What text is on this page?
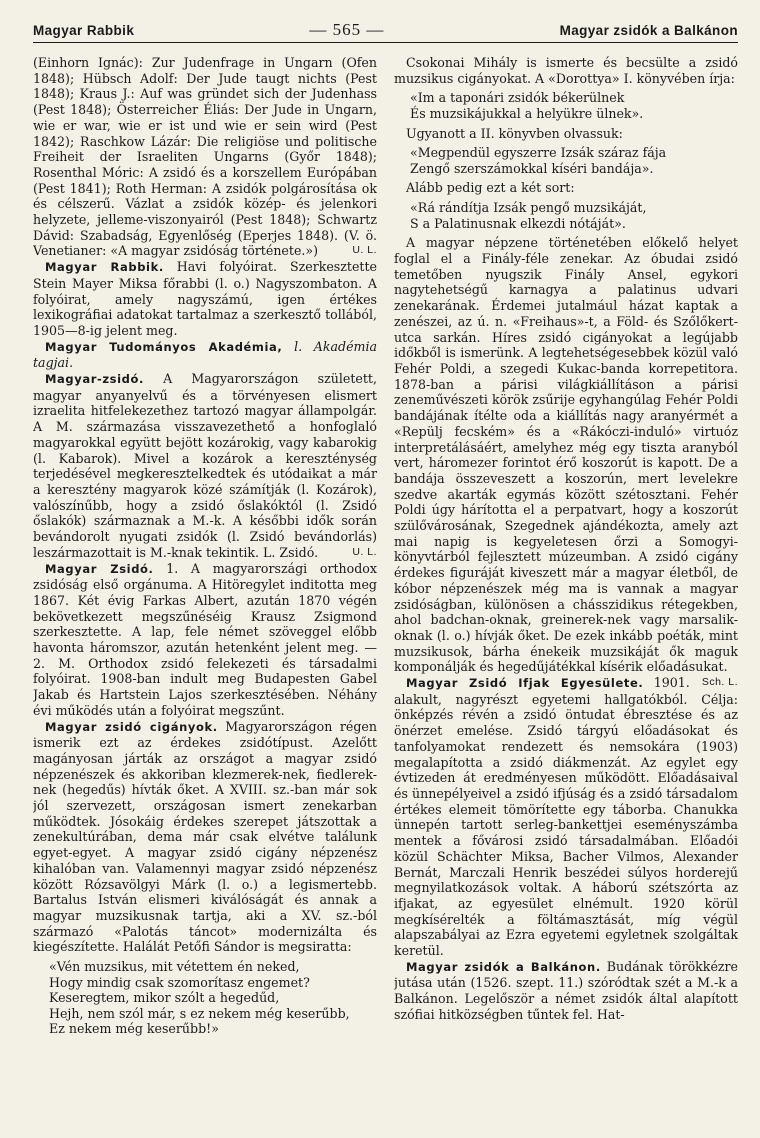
Magyar Rabbik	— 565 —	Magyar zsidók a Balkánon

(Einhorn Ignác): Zur Judenfrage in Ungarn (Ofen 1848); Hübsch Adolf: Der Jude taugt nichts (Pest 1848); Kraus J.: Auf was gründet sich der Judenhass (Pest 1848); Österreicher Éliás: Der Jude in Ungarn, wie er war, wie er ist und wie er sein wird (Pest 1842); Raschkow Lázár: Die religiöse und politische Freiheit der Israeliten Ungarns (Győr 1848); Rosenthal Móric: A zsidó és a korszellem Európában (Pest 1841); Roth Herman: A zsidók polgárosítása ok és célszerű. Vázlat a zsidók közép- és jelenkori helyzete, jelleme-viszonyairól (Pest 1848); Schwartz Dávid: Szabadság, Egyenlőség (Eperjes 1848). (V. ö. Venetianer: «A magyar zsidóság története.»)	U. L.

Magyar Rabbik. Havi folyóirat. Szerkesztette Stein Mayer Miksa főrabbi (l. o.) Nagyszombaton. A folyóirat, amely nagyszámú, igen értékes lexikográfiai adatokat tartalmaz a szerkesztő tollából, 1905—8-ig jelent meg.

Magyar Tudományos Akadémia, l. Akadémia tagjai.

Magyar-zsidó. A Magyarországon született, magyar anyanyelvű és a törvényesen elismert izraelita hitfelekezethez tartozó magyar állampolgár. A M. származása visszavezethető a honfoglaló magyarokkal együtt bejött kozárokig, vagy kabarokig (l. Kabarok). Mivel a kozárok a kereszténység terjedésével megkeresztelkedtek és utódaikat a már a keresztény magyarok közé számítják (l. Kozárok), valószínűbb, hogy a zsidó őslakóktól (l. Zsidó őslakók) származnak a M.-k. A későbbi idők során bevándorolt nyugati zsidók (l. Zsidó bevándorlás) leszármazottait is M.-knak tekintik. L. Zsidó.	U. L.

Magyar Zsidó. 1. A magyarországi orthodox zsidóság első orgánuma. A Hitöregylet inditotta meg 1867. Két évig Farkas Albert, azután 1870 végén bekövetkezett megszűnéséig Krausz Zsigmond szerkesztette. A lap, fele német szöveggel előbb havonta háromszor, azután hetenként jelent meg. — 2. M. Orthodox zsidó felekezeti és társadalmi folyóirat. 1908-ban indult meg Budapesten Gabel Jakab és Hartstein Lajos szerkesztésében. Néhány évi működés után a folyóirat megszűnt.

Magyar zsidó cigányok. Magyarországon régen ismerik ezt az érdekes zsidótípust. Azelőtt magányosan járták az országot a magyar zsidó népzenészek és akkoriban klezmerek-nek, fiedlerek-nek (hegedűs) hívták őket. A XVIII. sz.-ban már sok jól szervezett, országosan ismert zenekarban működtek. Jósokáig érdekes szerepet játszottak a zenekultúrában, dema már csak elvétve találunk egyet-egyet. A magyar zsidó cigány népzenész kihalóban van. Valamennyi magyar zsidó népzenész között Rózsavölgyi Márk (l. o.) a legismertebb. Bartalus István elismeri kiválóságát és annak a magyar muzsikusnak tartja, aki a XV. sz.-ból származó «Palotás táncot» modernizálta és kiegészítette. Halálát Petőfi Sándor is megsiratta:

«Vén muzsikus, mit vétettem én neked,
Hogy mindig csak szomorítasz engemet?
Keseregtem, mikor szólt a hegedűd,
Hejh, nem szól már, s ez nekem még keserűbb,
Ez nekem még keserűbb!»

Csokonai Mihály is ismerte és becsülte a zsidó muzsikus cigányokat. A «Dorottya» I. könyvében írja:

«Im a taponári zsidók békerülnek
És muzsikájukkal a helyükre ülnek».

Ugyanott a II. könyvben olvassuk:

«Megpendül egyszerre Izsák száraz fája
Zengő szerszámokkal kíséri bandája».

Alább pedig ezt a két sort:

«Rá rándítja Izsák pengő muzsikáját,
S a Palatinusnak elkezdi nótáját».

A magyar népzene történetében előkelő helyet foglal el a Finály-féle zenekar. Az óbudai zsidó temetőben nyugszik Finály Ansel, egykori nagytehetségű karnagya a palatinus udvari zenekarának. Érdemei jutalmául házat kaptak a zenészei, az ú. n. «Freihaus»-t, a Föld- és Szőlőkert-utca sarkán. Híres zsidó cigányokat a legújabb időkből is ismerünk. A legtehetségesebbek közül való Fehér Poldi, a szegedi Kukac-banda korrepetitora. 1878-ban a párisi világkiállításon a párisi zeneművészeti körök zsűrije egyhangúlag Fehér Poldi bandájának ítélte oda a kiállítás nagy aranyérmét a «Repülj fecském» és a «Rákóczi-induló» virtuóz interpretálásáért, amelyhez még egy tiszta aranyból vert, háromezer forintot érő koszorút is kapott. De a bandája összeveszett a koszorún, mert levelekre szedve akarták egymás között szétosztani. Fehér Poldi úgy hárította el a perpatvart, hogy a koszorút szülővárosának, Szegednek ajándékozta, amely azt mai napig is kegyeletesen őrzi a Somogyi-könyvtárból fejlesztett múzeumban. A zsidó cigány érdekes figuráját kiveszett már a magyar életből, de kóbor népzenészek még ma is vannak a magyar zsidóságban, különösen a chásszidikus rétegekben, ahol badchan-oknak, greinerek-nek vagy marsalik-oknak (l. o.) hívják őket. De ezek inkább poéták, mint muzsikusok, bárha énekeik muzsikáját ők maguk komponálják és hegedűjátékkal kísérik előadásukat.
Sch. L.

Magyar Zsidó Ifjak Egyesülete. 1901. alakult, nagyrészt egyetemi hallgatókból. Célja: önképzés révén a zsidó öntudat ébresztése és az önérzet emelése. Zsidó tárgyú előadásokat és tanfolyamokat rendezett és nemsokára (1903) megalapította a zsidó diákmenzát. Az egylet egy évtizeden át eredményesen működött. Előadásaival és ünnepélyeivel a zsidó ifjúság és a zsidó társadalom értékes elemeit tömörítette egy táborba. Chanukka ünnepén tartott serleg-bankettjei eseményszámba mentek a fővárosi zsidó társadalmában. Előadói közül Schächter Miksa, Bacher Vilmos, Alexander Bernát, Marczali Henrik beszédei súlyos horderejű megnyilatkozások voltak. A háború szétszórta az ifjakat, az egyesület elnémult. 1920 körül megkísérelték a föltámasztását, míg végül alapszabályai az Ezra egyetemi egyletnek szolgáltak keretül.

Magyar zsidók a Balkánon. Budának törökkézre jutása után (1526. szept. 11.) szóródtak szét a M.-k a Balkánon. Legelőször a német zsidók által alapított szófiai hitközségben tűntek fel. Hat-
